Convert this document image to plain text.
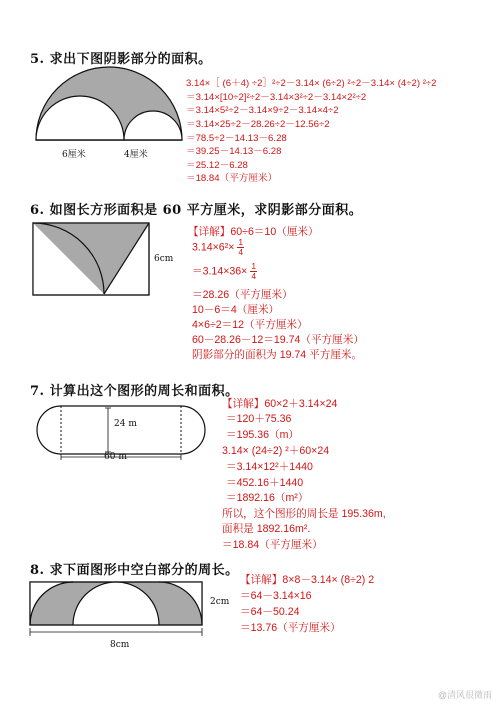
5. 求出下图阴影部分的面积。
6厘米	4厘米
3.14×［ (6＋4) ÷2］²÷2－3.14× (6÷2) ²÷2－3.14× (4÷2) ²÷2
＝3.14×[10÷2]²÷2－3.14×3²÷2－3.14×2²÷2
＝3.14×5²÷2－3.14×9÷2－3.14×4÷2
＝3.14×25÷2－28.26÷2－12.56÷2
＝78.5÷2－14.13－6.28
＝39.25－14.13－6.28
＝25.12－6.28
＝18.84（平方厘米）
6. 如图长方形面积是 60 平方厘米，求阴影部分面积。
6cm
【详解】60÷6＝10（厘米）
$3.14\times 6^2\times \frac{1}{4}$
$=3.14\times 36\times \frac{1}{4}$
＝28.26（平方厘米）
10－6＝4（厘米）
4×6÷2＝12（平方厘米）
60－28.26－12＝19.74（平方厘米）
阴影部分的面积为 19.74 平方厘米。
7. 计算出这个图形的周长和面积。
24 m
60 m
【详解】60×2＋3.14×24
＝120＋75.36
＝195.36（m）
3.14× (24÷2) ²＋60×24
＝3.14×12²＋1440
＝452.16＋1440
＝1892.16（m²）
所以，这个图形的周长是 195.36m,
面积是 1892.16m².
＝18.84（平方厘米）
8. 求下面图形中空白部分的周长。
2cm
8cm
【详解】8×8－3.14× (8÷2) 2
＝64－3.14×16
＝64－50.24
＝13.76（平方厘米）
@清风很微雨
